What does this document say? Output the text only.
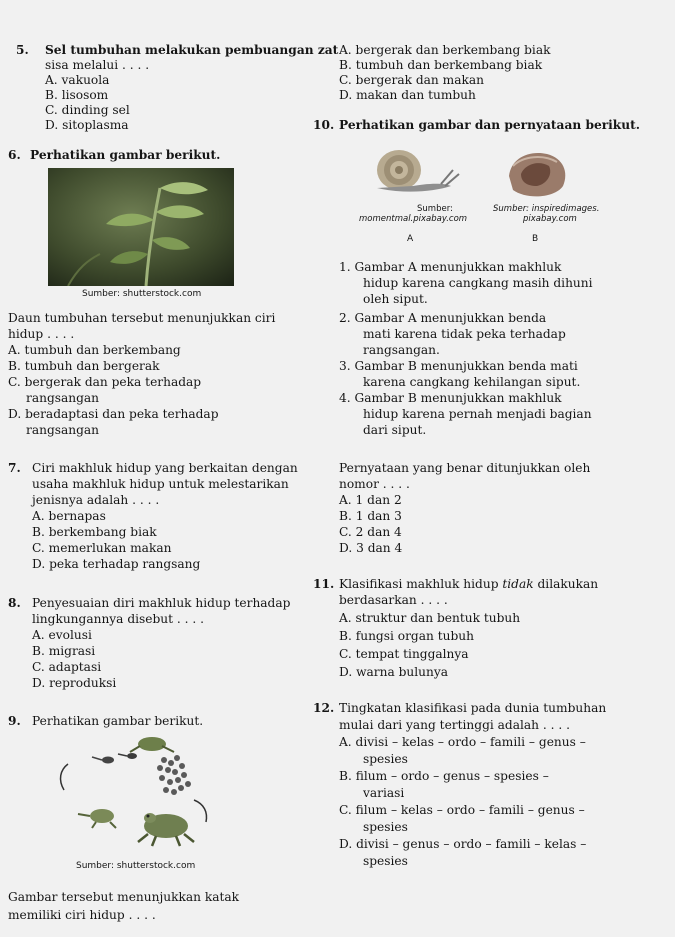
5. Sel tumbuhan melakukan pembuangan zat
sisa melalui . . . .
A. vakuola
B. lisosom
C. dinding sel
D. sitoplasma
6. Perhatikan gambar berikut.
Sumber: shutterstock.com
Daun tumbuhan tersebut menunjukkan ciri
hidup . . . .
A. tumbuh dan berkembang
B. tumbuh dan bergerak
C. bergerak dan peka terhadap
rangsangan
D. beradaptasi dan peka terhadap
rangsangan
7. Ciri makhluk hidup yang berkaitan dengan
usaha makhluk hidup untuk melestarikan
jenisnya adalah . . . .
A. bernapas
B. berkembang biak
C. memerlukan makan
D. peka terhadap rangsang
8. Penyesuaian diri makhluk hidup terhadap
lingkungannya disebut . . . .
A. evolusi
B. migrasi
C. adaptasi
D. reproduksi
9. Perhatikan gambar berikut.
Sumber: shutterstock.com
Gambar tersebut menunjukkan katak
memiliki ciri hidup . . . .
A. bergerak dan berkembang biak
B. tumbuh dan berkembang biak
C. bergerak dan makan
D. makan dan tumbuh
10. Perhatikan gambar dan pernyataan berikut.
Sumber:
momentmal.pixabay.com
Sumber: inspiredimages.
pixabay.com
A	B
1. Gambar A menunjukkan makhluk
hidup karena cangkang masih dihuni
oleh siput.
2. Gambar A menunjukkan benda
mati karena tidak peka terhadap
rangsangan.
3. Gambar B menunjukkan benda mati
karena cangkang kehilangan siput.
4. Gambar B menunjukkan makhluk
hidup karena pernah menjadi bagian
dari siput.
Pernyataan yang benar ditunjukkan oleh
nomor . . . .
A. 1 dan 2
B. 1 dan 3
C. 2 dan 4
D. 3 dan 4
11. Klasifikasi makhluk hidup tidak dilakukan
berdasarkan . . . .
A. struktur dan bentuk tubuh
B. fungsi organ tubuh
C. tempat tinggalnya
D. warna bulunya
12. Tingkatan klasifikasi pada dunia tumbuhan
mulai dari yang tertinggi adalah . . . .
A. divisi – kelas – ordo – famili – genus –
spesies
B. filum – ordo – genus – spesies –
variasi
C. filum – kelas – ordo – famili – genus –
spesies
D. divisi – genus – ordo – famili – kelas –
spesies
